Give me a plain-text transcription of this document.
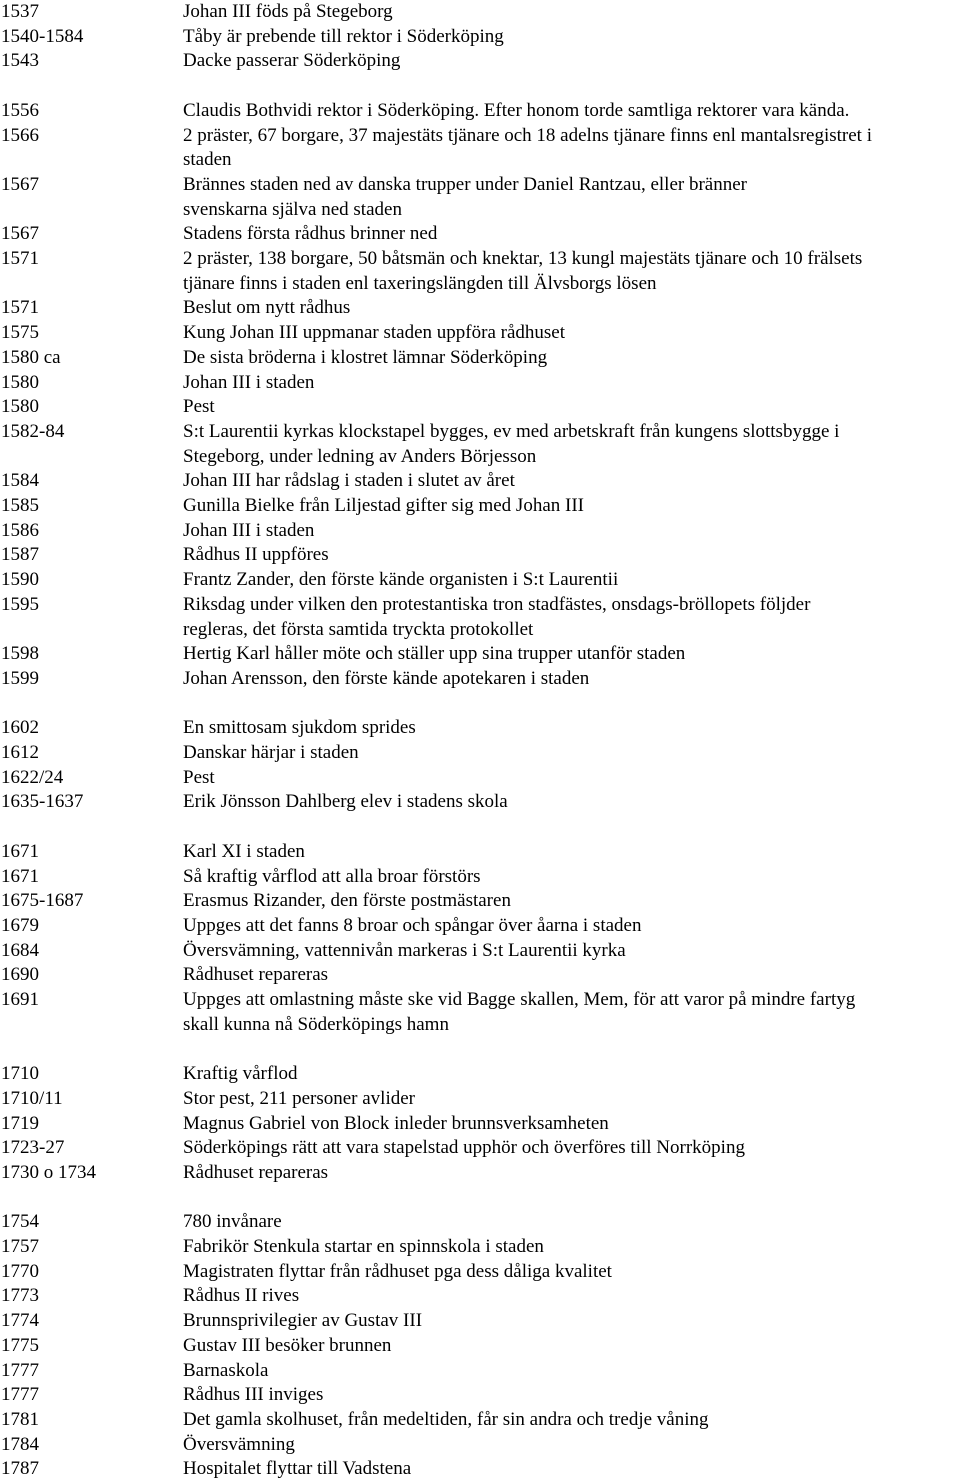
1537	Johan III föds på Stegeborg
1540-1584	Tåby är prebende till rektor i Söderköping
1543	Dacke passerar Söderköping
1556	Claudis Bothvidi rektor i Söderköping. Efter honom torde samtliga rektorer vara kända.
1566	2 präster, 67 borgare, 37 majestäts tjänare och 18 adelns tjänare finns enl mantalsregistret i
staden
1567	Brännes staden ned av danska trupper under Daniel Rantzau, eller bränner
svenskarna själva ned staden
1567	Stadens första rådhus brinner ned
1571	2 präster, 138 borgare, 50 båtsmän och knektar, 13 kungl majestäts tjänare och 10 frälsets
tjänare finns i staden enl taxeringslängden till Älvsborgs lösen
1571	Beslut om nytt rådhus
1575	Kung Johan III uppmanar staden uppföra rådhuset
1580 ca	De sista bröderna i klostret lämnar Söderköping
1580	Johan III i staden
1580	Pest
1582-84	S:t Laurentii kyrkas klockstapel bygges, ev med arbetskraft från kungens slottsbygge i
Stegeborg, under ledning av Anders Börjesson
1584	Johan III har rådslag i staden i slutet av året
1585	Gunilla Bielke från Liljestad gifter sig med Johan III
1586	Johan III i staden
1587	Rådhus II uppföres
1590	Frantz Zander, den förste kände organisten i S:t Laurentii
1595	Riksdag under vilken den protestantiska tron stadfästes, onsdags-bröllopets följder
regleras, det första samtida tryckta protokollet
1598	Hertig Karl håller möte och ställer upp sina trupper utanför staden
1599	Johan Arensson, den förste kände apotekaren i staden
1602	En smittosam sjukdom sprides
1612	Danskar härjar i staden
1622/24	Pest
1635-1637	Erik Jönsson Dahlberg elev i stadens skola
1671	Karl XI i staden
1671	Så kraftig vårflod att alla broar förstörs
1675-1687	Erasmus Rizander, den förste postmästaren
1679	Uppges att det fanns 8 broar och spångar över åarna i staden
1684	Översvämning, vattennivån markeras i S:t Laurentii kyrka
1690	Rådhuset repareras
1691	Uppges att omlastning måste ske vid Bagge skallen, Mem, för att varor på mindre fartyg
skall kunna nå Söderköpings hamn
1710	Kraftig vårflod
1710/11	Stor pest, 211 personer avlider
1719	Magnus Gabriel von Block inleder brunnsverksamheten
1723-27	Söderköpings rätt att vara stapelstad upphör och överföres till Norrköping
1730 o 1734	Rådhuset repareras
1754	780 invånare
1757	Fabrikör Stenkula startar en spinnskola i staden
1770	Magistraten flyttar från rådhuset pga dess dåliga kvalitet
1773	Rådhus II rives
1774	Brunnsprivilegier av Gustav III
1775	Gustav III besöker brunnen
1777	Barnaskola
1777	Rådhus III inviges
1781	Det gamla skolhuset, från medeltiden, får sin andra och tredje våning
1784	Översvämning
1787	Hospitalet flyttar till Vadstena
